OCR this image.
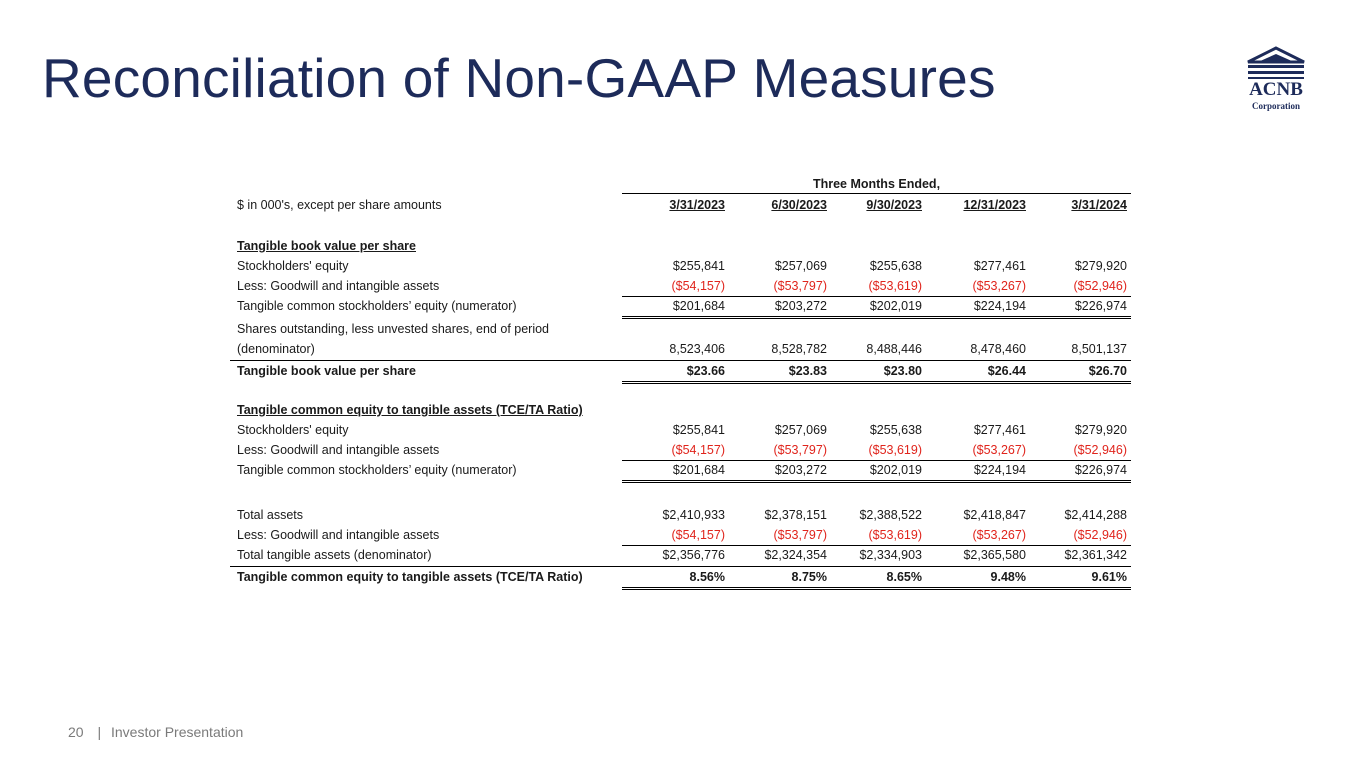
Reconciliation of Non-GAAP Measures	ACNB
Corporation
Three Months Ended,
$ in 000's, except per share amounts	3/31/2023	6/30/2023	9/30/2023	12/31/2023	3/31/2024
Tangible book value per share
Stockholders' equity	$255,841	$257,069	$255,638	$277,461	$279,920
Less: Goodwill and intangible assets	($54,157)	($53,797)	($53,619)	($53,267)	($52,946)
Tangible common stockholders’ equity (numerator)	$201,684	$203,272	$202,019	$224,194	$226,974
Shares outstanding, less unvested shares, end of period
(denominator)	8,523,406	8,528,782	8,488,446	8,478,460	8,501,137
Tangible book value per share	$23.66	$23.83	$23.80	$26.44	$26.70
Tangible common equity to tangible assets (TCE/TA Ratio)
Stockholders' equity	$255,841	$257,069	$255,638	$277,461	$279,920
Less: Goodwill and intangible assets	($54,157)	($53,797)	($53,619)	($53,267)	($52,946)
Tangible common stockholders’ equity (numerator)	$201,684	$203,272	$202,019	$224,194	$226,974
Total assets	$2,410,933	$2,378,151	$2,388,522	$2,418,847	$2,414,288
Less: Goodwill and intangible assets	($54,157)	($53,797)	($53,619)	($53,267)	($52,946)
Total tangible assets (denominator)	$2,356,776	$2,324,354	$2,334,903	$2,365,580	$2,361,342
Tangible common equity to tangible assets (TCE/TA Ratio)	8.56%	8.75%	8.65%	9.48%	9.61%
20 | Investor Presentation
